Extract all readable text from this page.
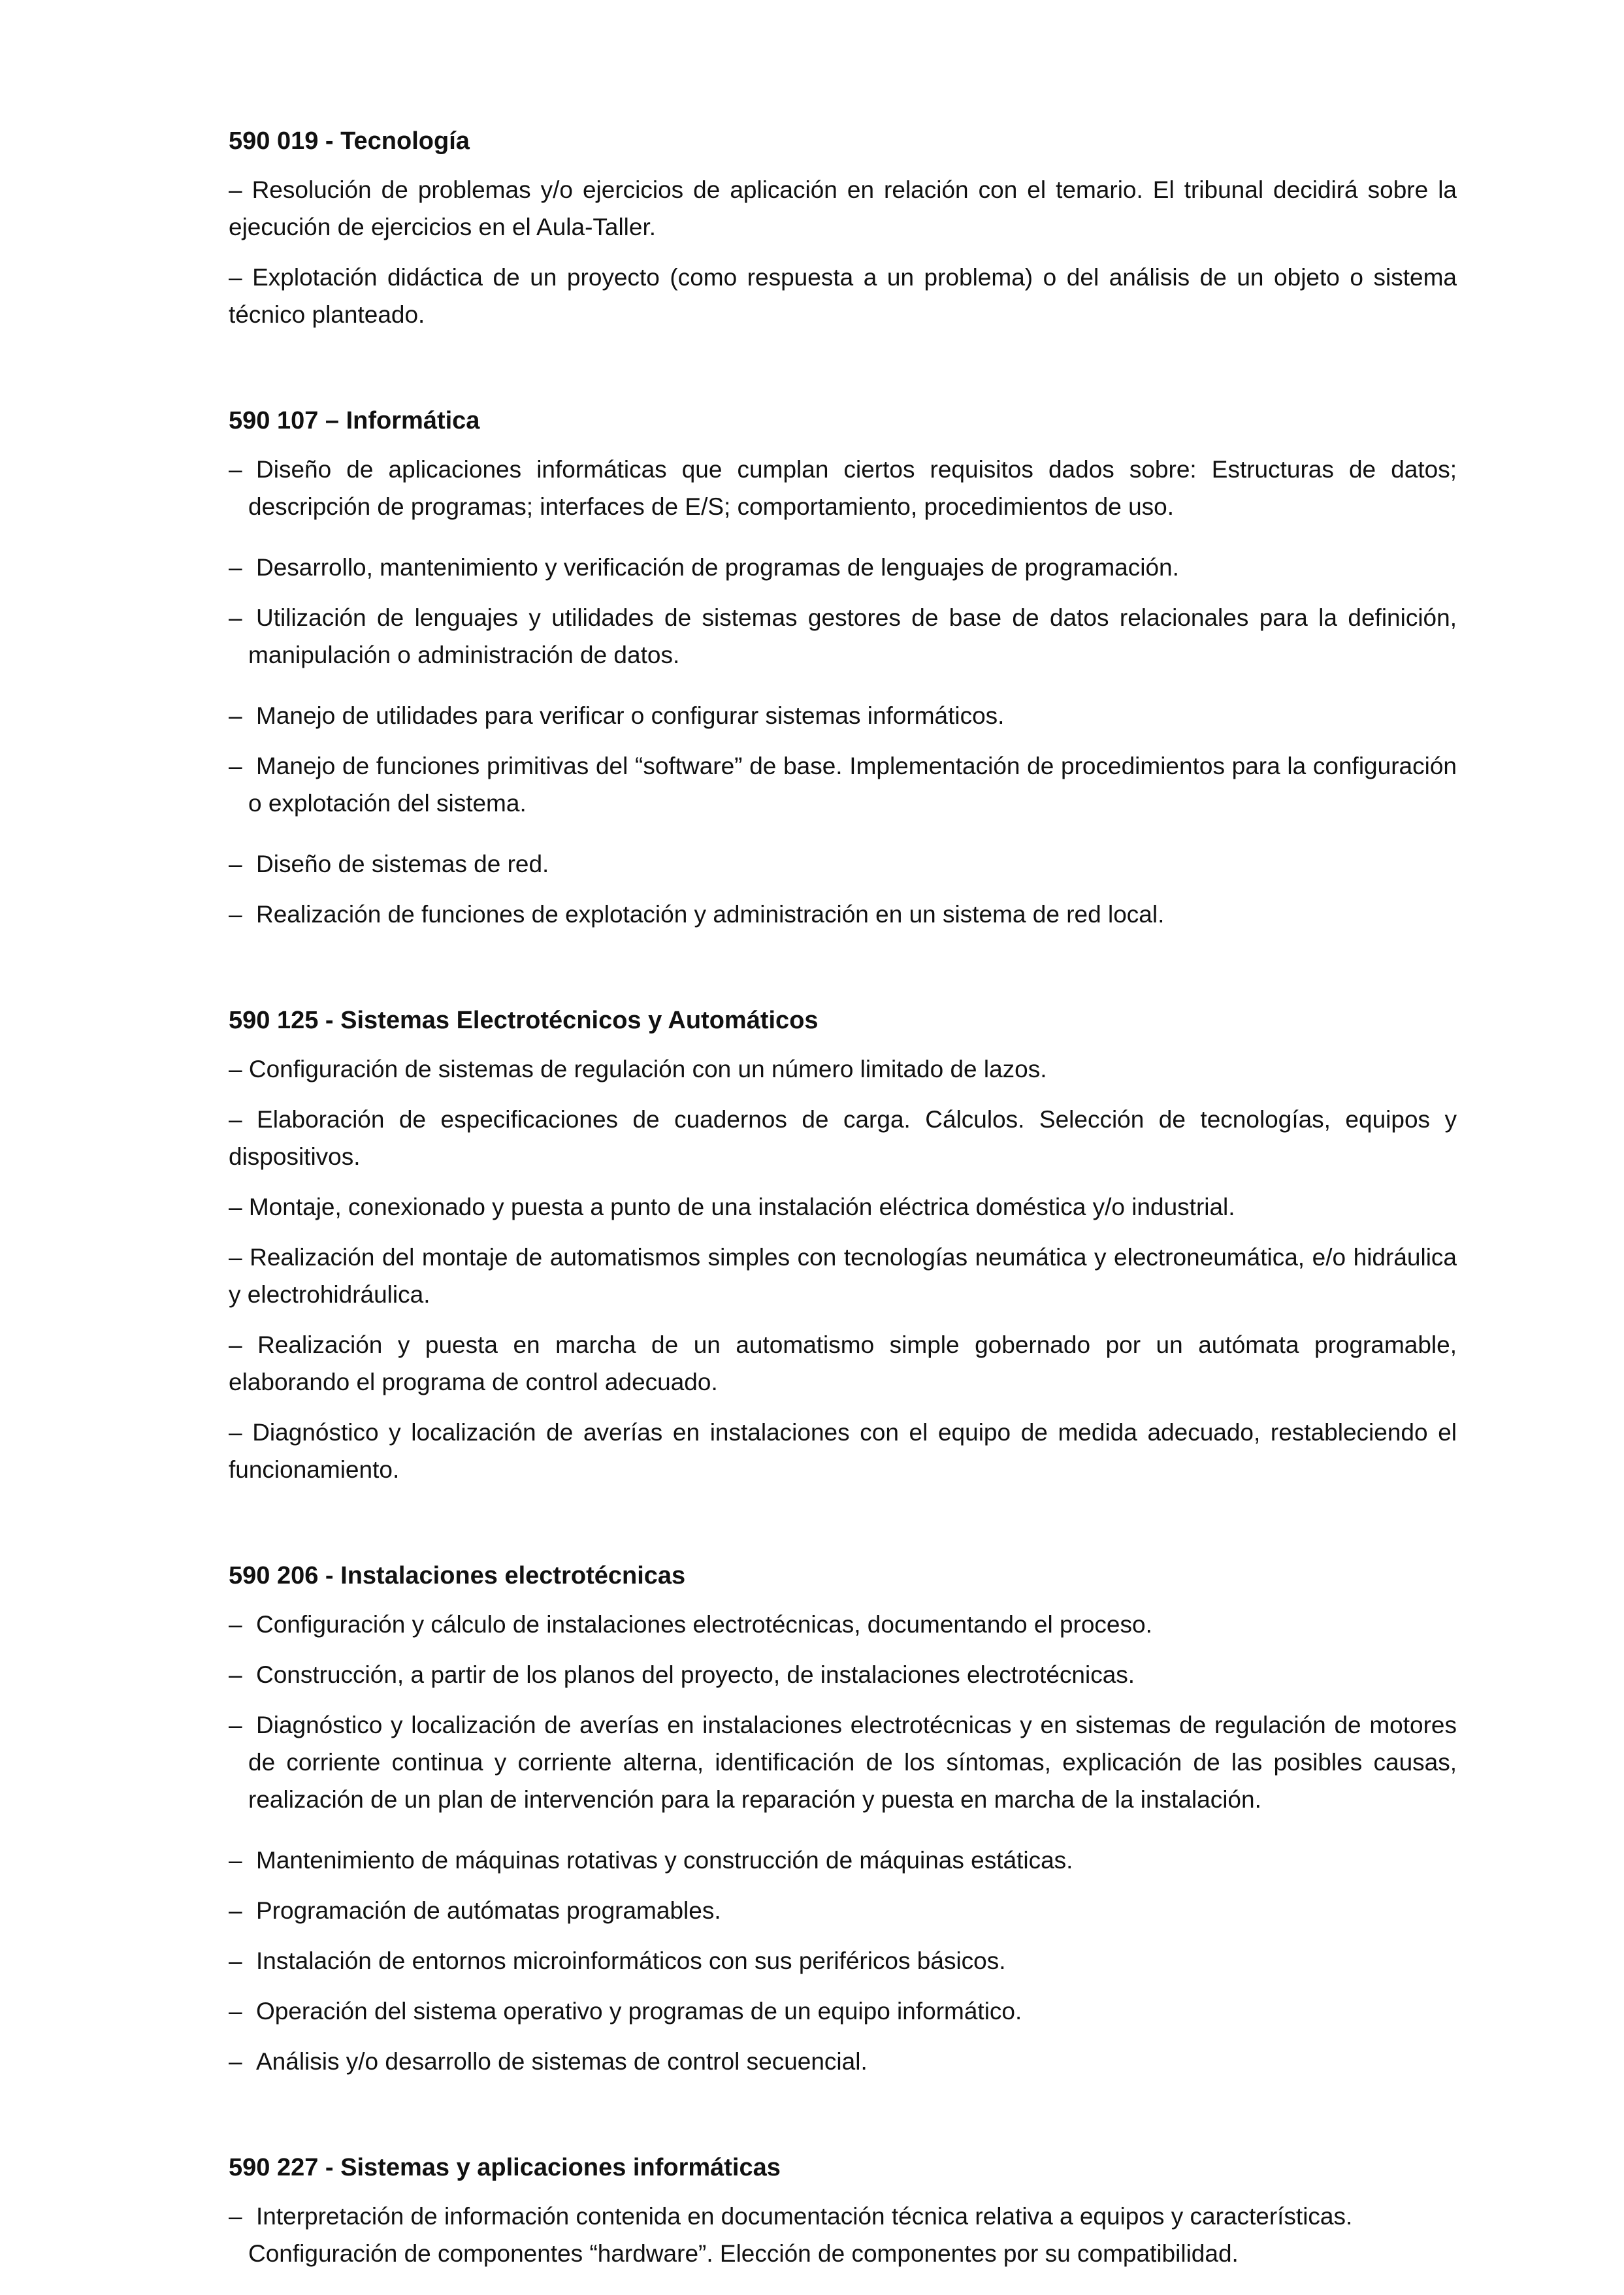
590 019 - Tecnología

– Resolución de problemas y/o ejercicios de aplicación en relación con el temario. El tribunal decidirá sobre la ejecución de ejercicios en el Aula-Taller.

– Explotación didáctica de un proyecto (como respuesta a un problema) o del análisis de un objeto o sistema técnico planteado.

590 107 – Informática

– Diseño de aplicaciones informáticas que cumplan ciertos requisitos dados sobre: Estructuras de datos; descripción de programas; interfaces de E/S; comportamiento, procedimientos de uso.

– Desarrollo, mantenimiento y verificación de programas de lenguajes de programación.

– Utilización de lenguajes y utilidades de sistemas gestores de base de datos relacionales para la definición, manipulación o administración de datos.

– Manejo de utilidades para verificar o configurar sistemas informáticos.

– Manejo de funciones primitivas del “software” de base. Implementación de procedimientos para la configuración o explotación del sistema.

– Diseño de sistemas de red.

– Realización de funciones de explotación y administración en un sistema de red local.

590 125 - Sistemas Electrotécnicos y Automáticos

– Configuración de sistemas de regulación con un número limitado de lazos.

– Elaboración de especificaciones de cuadernos de carga. Cálculos. Selección de tecnologías, equipos y dispositivos.

– Montaje, conexionado y puesta a punto de una instalación eléctrica doméstica y/o industrial.

– Realización del montaje de automatismos simples con tecnologías neumática y electroneumática, e/o hidráulica y electrohidráulica.

– Realización y puesta en marcha de un automatismo simple gobernado por un autómata programable, elaborando el programa de control adecuado.

– Diagnóstico y localización de averías en instalaciones con el equipo de medida adecuado, restableciendo el funcionamiento.

590 206 - Instalaciones electrotécnicas

– Configuración y cálculo de instalaciones electrotécnicas, documentando el proceso.

– Construcción, a partir de los planos del proyecto, de instalaciones electrotécnicas.

– Diagnóstico y localización de averías en instalaciones electrotécnicas y en sistemas de regulación de motores de corriente continua y corriente alterna, identificación de los síntomas, explicación de las posibles causas, realización de un plan de intervención para la reparación y puesta en marcha de la instalación.

– Mantenimiento de máquinas rotativas y construcción de máquinas estáticas.

– Programación de autómatas programables.

– Instalación de entornos microinformáticos con sus periféricos básicos.

– Operación del sistema operativo y programas de un equipo informático.

– Análisis y/o desarrollo de sistemas de control secuencial.

590 227 - Sistemas y aplicaciones informáticas

– Interpretación de información contenida en documentación técnica relativa a equipos y características. Configuración de componentes “hardware”. Elección de componentes por su compatibilidad.
